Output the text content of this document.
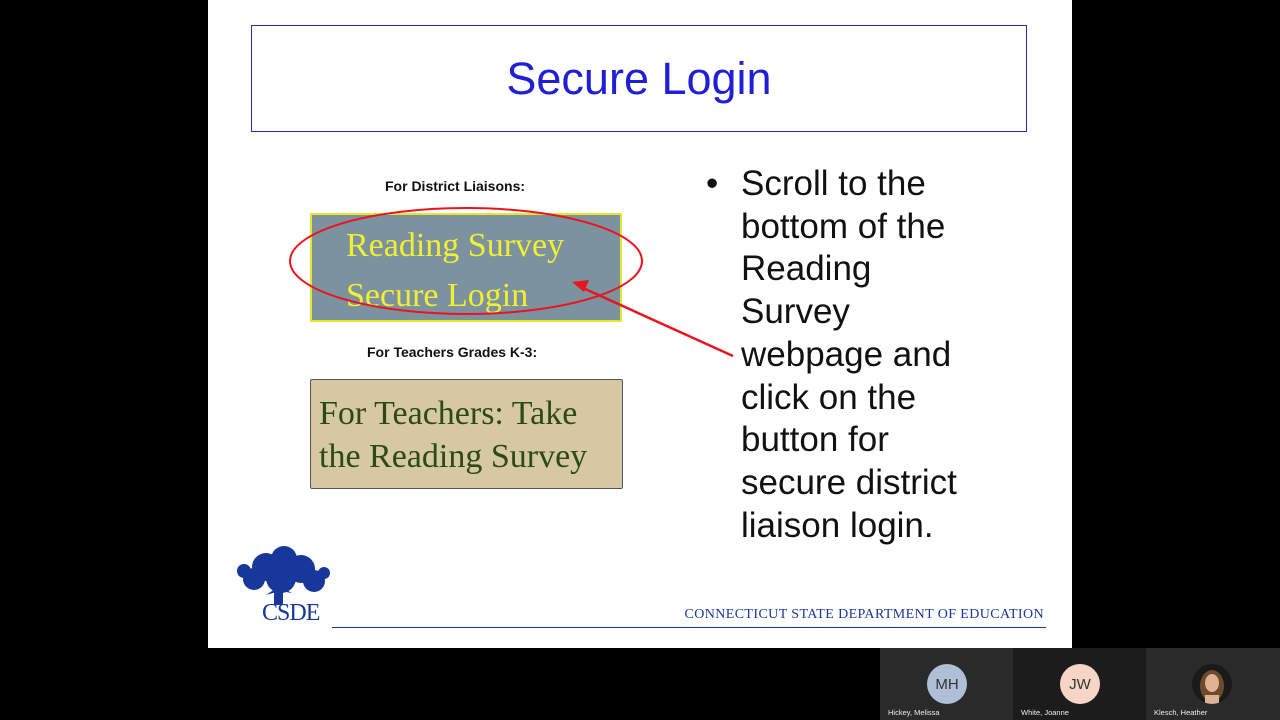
Secure Login
For District Liaisons:
Reading Survey
Secure Login
For Teachers Grades K-3:
For Teachers: Take
the Reading Survey
• Scroll to the
bottom of the
Reading
Survey
webpage and
click on the
button for
secure district
liaison login.
CSDE	CONNECTICUT STATE DEPARTMENT OF EDUCATION
MH
Hickey, Melissa
JW
White, Joanne	Klesch, Heather
